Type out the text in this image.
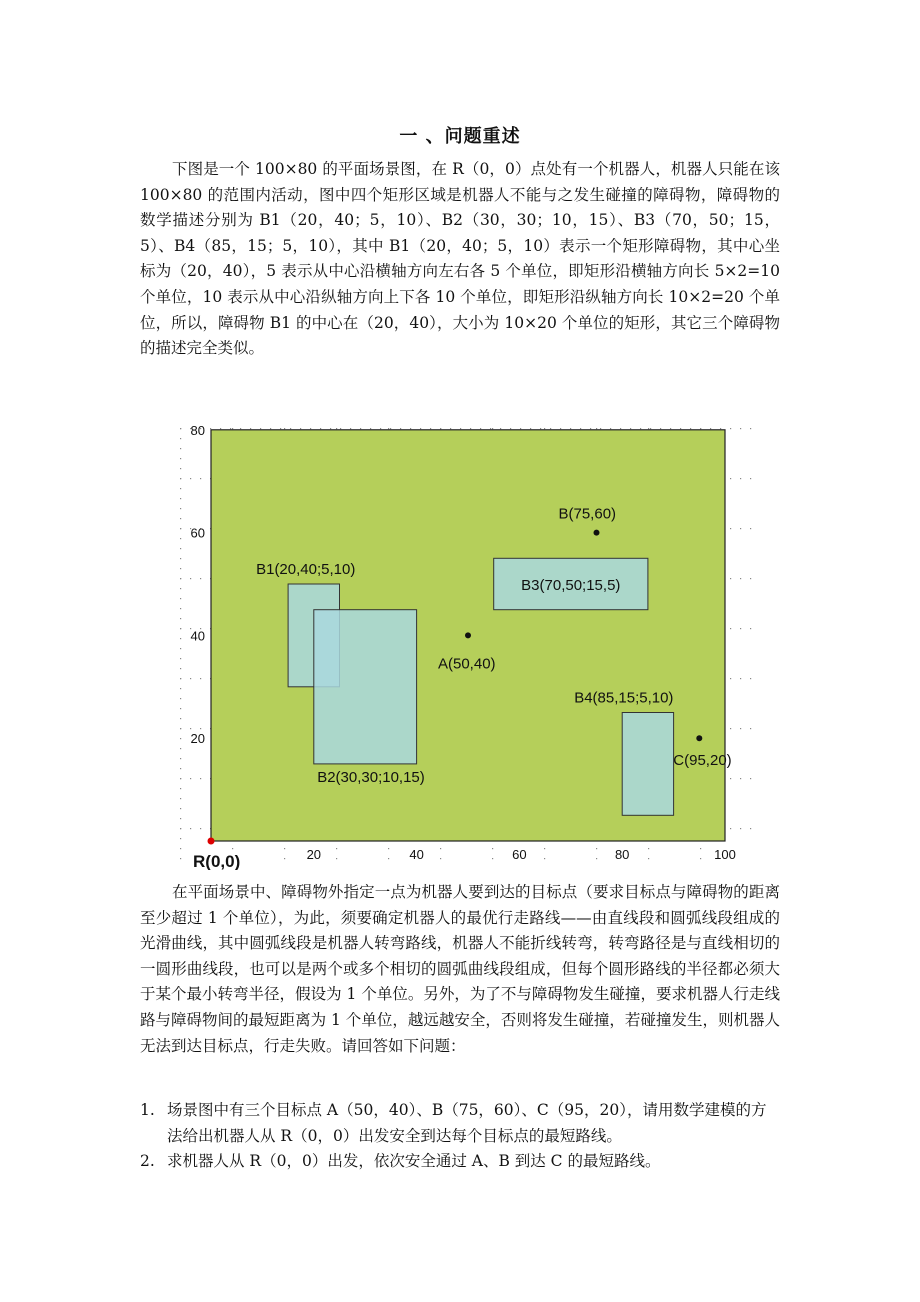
一 、问题重述

下图是一个 100×80 的平面场景图，在 R（0，0）点处有一个机器人，机器人只能在该 100×80 的范围内活动，图中四个矩形区域是机器人不能与之发生碰撞的障碍物，障碍物的数学描述分别为 B1（20，40；5，10）、B2（30，30；10，15）、B3（70，50；15，5）、B4（85，15；5，10），其中 B1（20，40；5，10）表示一个矩形障碍物，其中心坐标为（20，40），5 表示从中心沿横轴方向左右各 5 个单位，即矩形沿横轴方向长 5×2=10 个单位，10 表示从中心沿纵轴方向上下各 10 个单位，即矩形沿纵轴方向长 10×2=20 个单位，所以，障碍物 B1 的中心在（20，40），大小为 10×20 个单位的矩形，其它三个障碍物的描述完全类似。

B1(20,40;5,10)
B2(30,30;10,15)
B3(70,50;15,5)
B4(85,15;5,10)
A(50,40)
B(75,60)
C(95,20)
R(0,0)	20	40	60	80	100
20
40
60
80

在平面场景中、障碍物外指定一点为机器人要到达的目标点（要求目标点与障碍物的距离至少超过 1 个单位），为此，须要确定机器人的最优行走路线——由直线段和圆弧线段组成的光滑曲线，其中圆弧线段是机器人转弯路线，机器人不能折线转弯，转弯路径是与直线相切的一圆形曲线段，也可以是两个或多个相切的圆弧曲线段组成，但每个圆形路线的半径都必须大于某个最小转弯半径，假设为 1 个单位。另外，为了不与障碍物发生碰撞，要求机器人行走线路与障碍物间的最短距离为 1 个单位，越远越安全，否则将发生碰撞，若碰撞发生，则机器人无法到达目标点，行走失败。请回答如下问题：

1. 场景图中有三个目标点 A（50，40）、B（75，60）、C（95，20），请用数学建模的方法给出机器人从 R（0，0）出发安全到达每个目标点的最短路线。
2. 求机器人从 R（0，0）出发，依次安全通过 A、B 到达 C 的最短路线。
